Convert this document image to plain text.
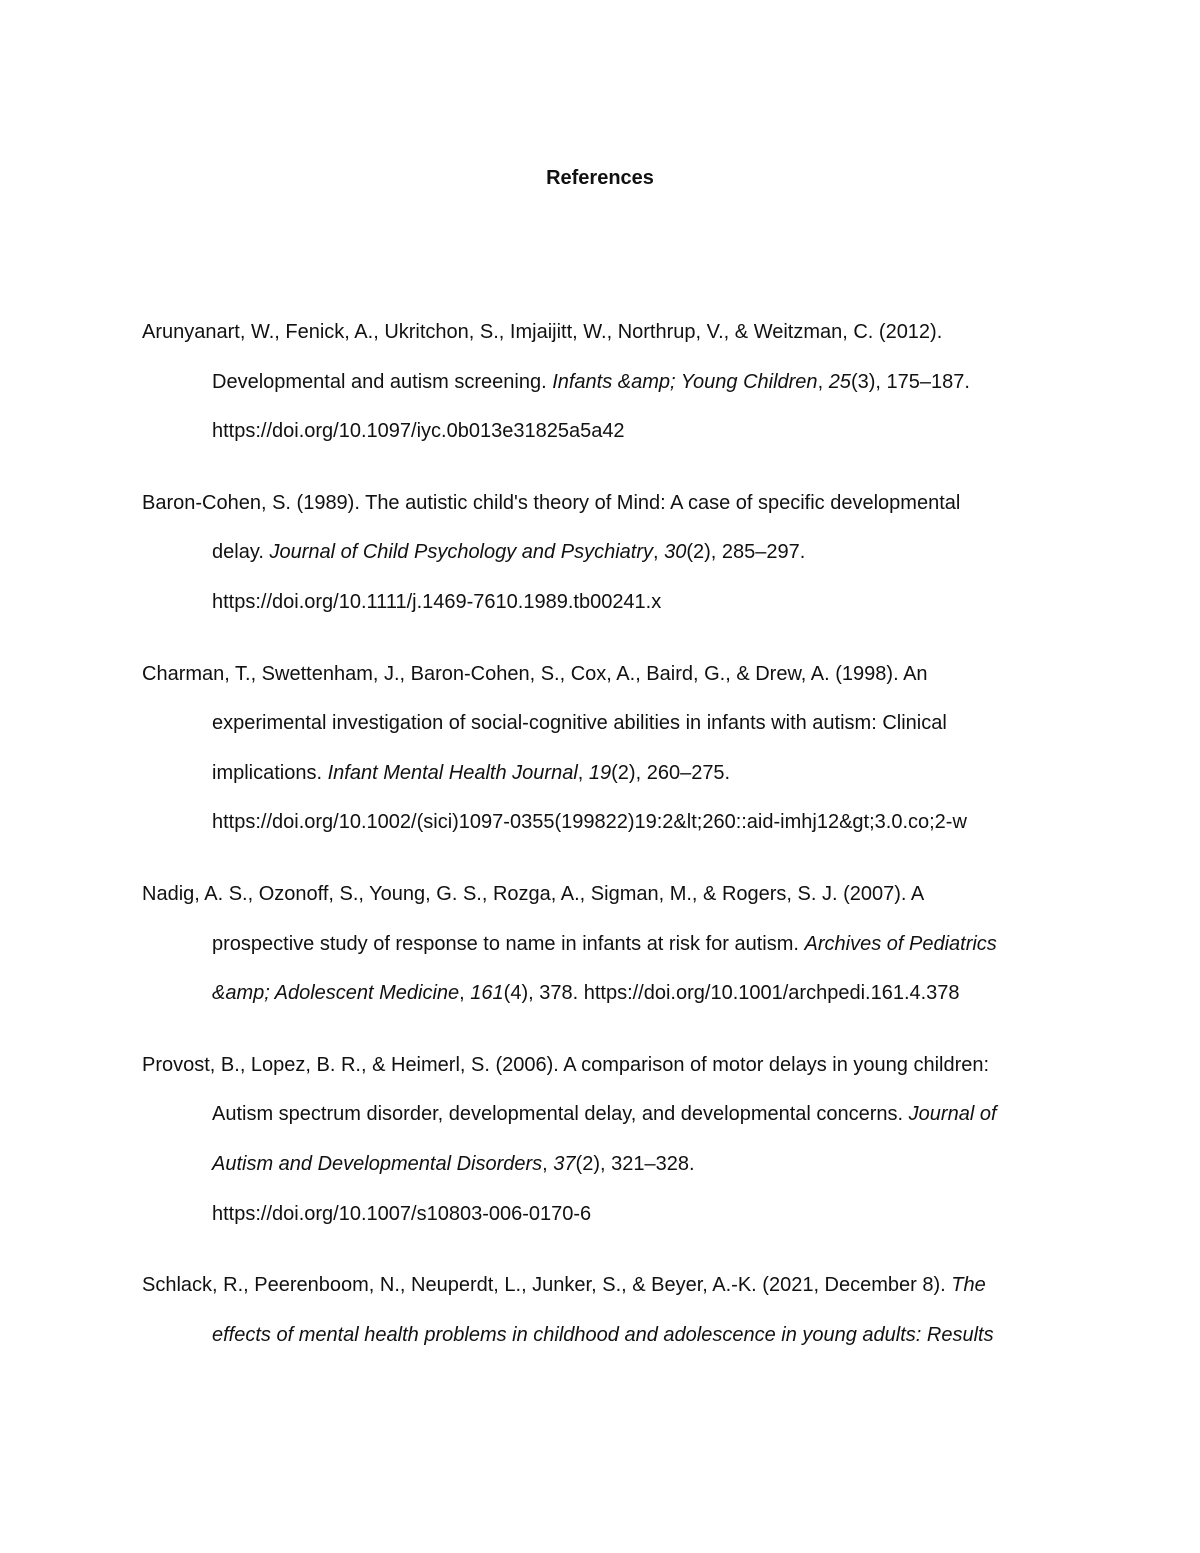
References
Arunyanart, W., Fenick, A., Ukritchon, S., Imjaijitt, W., Northrup, V., & Weitzman, C. (2012).
Developmental and autism screening. Infants &amp; Young Children, 25(3), 175–187.
https://doi.org/10.1097/iyc.0b013e31825a5a42
Baron-Cohen, S. (1989). The autistic child's theory of Mind: A case of specific developmental
delay. Journal of Child Psychology and Psychiatry, 30(2), 285–297.
https://doi.org/10.1111/j.1469-7610.1989.tb00241.x
Charman, T., Swettenham, J., Baron-Cohen, S., Cox, A., Baird, G., & Drew, A. (1998). An
experimental investigation of social-cognitive abilities in infants with autism: Clinical
implications. Infant Mental Health Journal, 19(2), 260–275.
https://doi.org/10.1002/(sici)1097-0355(199822)19:2&lt;260::aid-imhj12&gt;3.0.co;2-w
Nadig, A. S., Ozonoff, S., Young, G. S., Rozga, A., Sigman, M., & Rogers, S. J. (2007). A
prospective study of response to name in infants at risk for autism. Archives of Pediatrics
&amp; Adolescent Medicine, 161(4), 378. https://doi.org/10.1001/archpedi.161.4.378
Provost, B., Lopez, B. R., & Heimerl, S. (2006). A comparison of motor delays in young children:
Autism spectrum disorder, developmental delay, and developmental concerns. Journal of
Autism and Developmental Disorders, 37(2), 321–328.
https://doi.org/10.1007/s10803-006-0170-6
Schlack, R., Peerenboom, N., Neuperdt, L., Junker, S., & Beyer, A.-K. (2021, December 8). The
effects of mental health problems in childhood and adolescence in young adults: Results
